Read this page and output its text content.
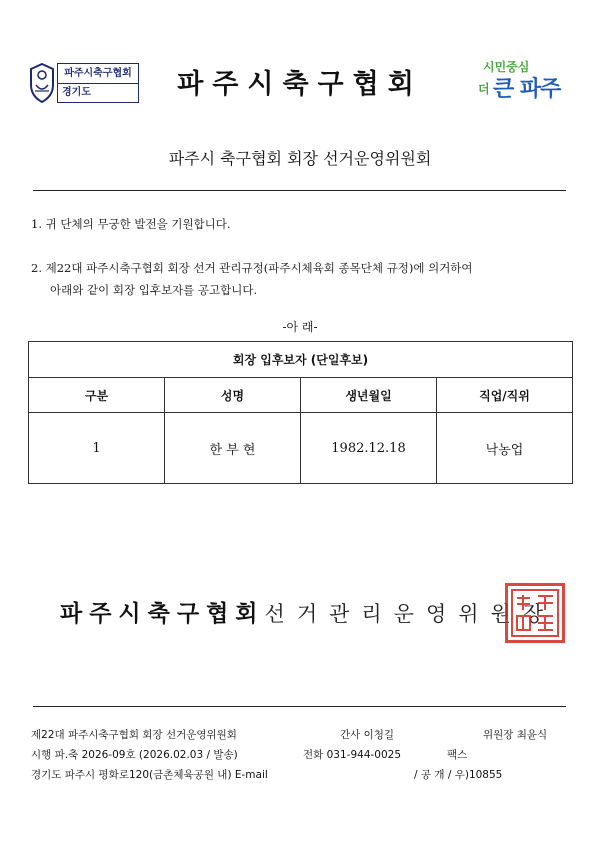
파주시축구협회
경기도	파주시축구협회
시민중심
더 큰 파주
파주시 축구협회 회장 선거운영위원회
1. 귀 단체의 무궁한 발전을 기원합니다.
2. 제22대 파주시축구협회 회장 선거 관리규정(파주시체육회 종목단체 규정)에 의거하여
아래와 같이 회장 입후보자를 공고합니다.
-아 래-
회장 입후보자 (단일후보)			
구분	성명	생년월일	직업/직위
1	한 부 현	1982.12.18	낙농업
파주시축구협회선거관리운영위원장
제22대 파주시축구협회 회장 선거운영위원회	간사 이청길	위원장 최윤식
시행 파.축 2026-09호 (2026.02.03 / 발송)	전화 031-944-0025	팩스
경기도 파주시 평화로120(금촌체육공원 내) E-mail	/ 공 개 / 우)10855
